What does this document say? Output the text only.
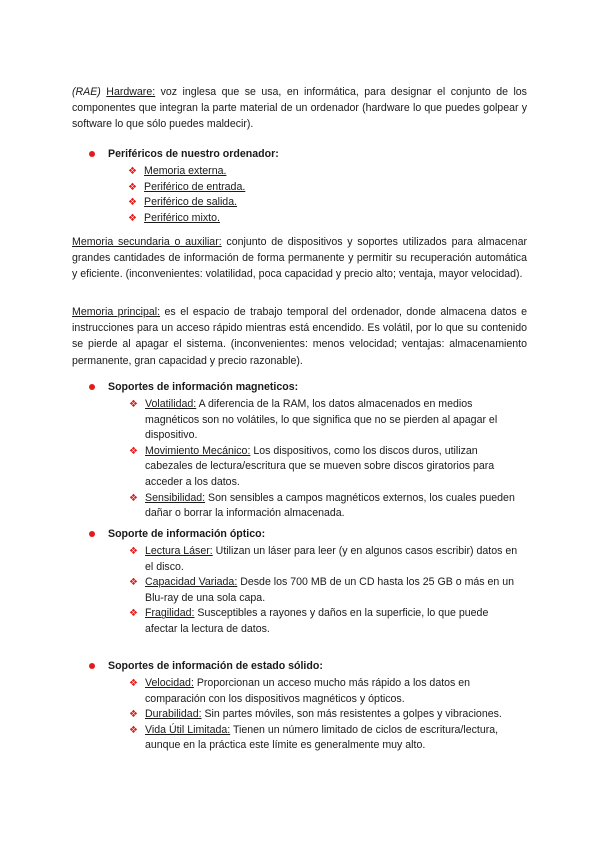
(RAE) Hardware: voz inglesa que se usa, en informática, para designar el conjunto de los componentes que integran la parte material de un ordenador (hardware lo que puedes golpear y software lo que sólo puedes maldecir).

Periféricos de nuestro ordenador:
❖ Memoria externa.
❖ Periférico de entrada.
❖ Periférico de salida.
❖ Periférico mixto.

Memoria secundaria o auxiliar: conjunto de dispositivos y soportes utilizados para almacenar grandes cantidades de información de forma permanente y permitir su recuperación automática y eficiente. (inconvenientes: volatilidad, poca capacidad y precio alto; ventaja, mayor velocidad).

Memoria principal: es el espacio de trabajo temporal del ordenador, donde almacena datos e instrucciones para un acceso rápido mientras está encendido. Es volátil, por lo que su contenido se pierde al apagar el sistema. (inconvenientes: menos velocidad; ventajas: almacenamiento permanente, gran capacidad y precio razonable).

Soportes de información magneticos:
❖ Volatilidad: A diferencia de la RAM, los datos almacenados en medios magnéticos son no volátiles, lo que significa que no se pierden al apagar el dispositivo.
❖ Movimiento Mecánico: Los dispositivos, como los discos duros, utilizan cabezales de lectura/escritura que se mueven sobre discos giratorios para acceder a los datos.
❖ Sensibilidad: Son sensibles a campos magnéticos externos, los cuales pueden dañar o borrar la información almacenada.
Soporte de información óptico:
❖ Lectura Láser: Utilizan un láser para leer (y en algunos casos escribir) datos en el disco.
❖ Capacidad Variada: Desde los 700 MB de un CD hasta los 25 GB o más en un Blu-ray de una sola capa.
❖ Fragilidad: Susceptibles a rayones y daños en la superficie, lo que puede afectar la lectura de datos.
Soportes de información de estado sólido:
❖ Velocidad: Proporcionan un acceso mucho más rápido a los datos en comparación con los dispositivos magnéticos y ópticos.
❖ Durabilidad: Sin partes móviles, son más resistentes a golpes y vibraciones.
❖ Vida Útil Limitada: Tienen un número limitado de ciclos de escritura/lectura, aunque en la práctica este límite es generalmente muy alto.
